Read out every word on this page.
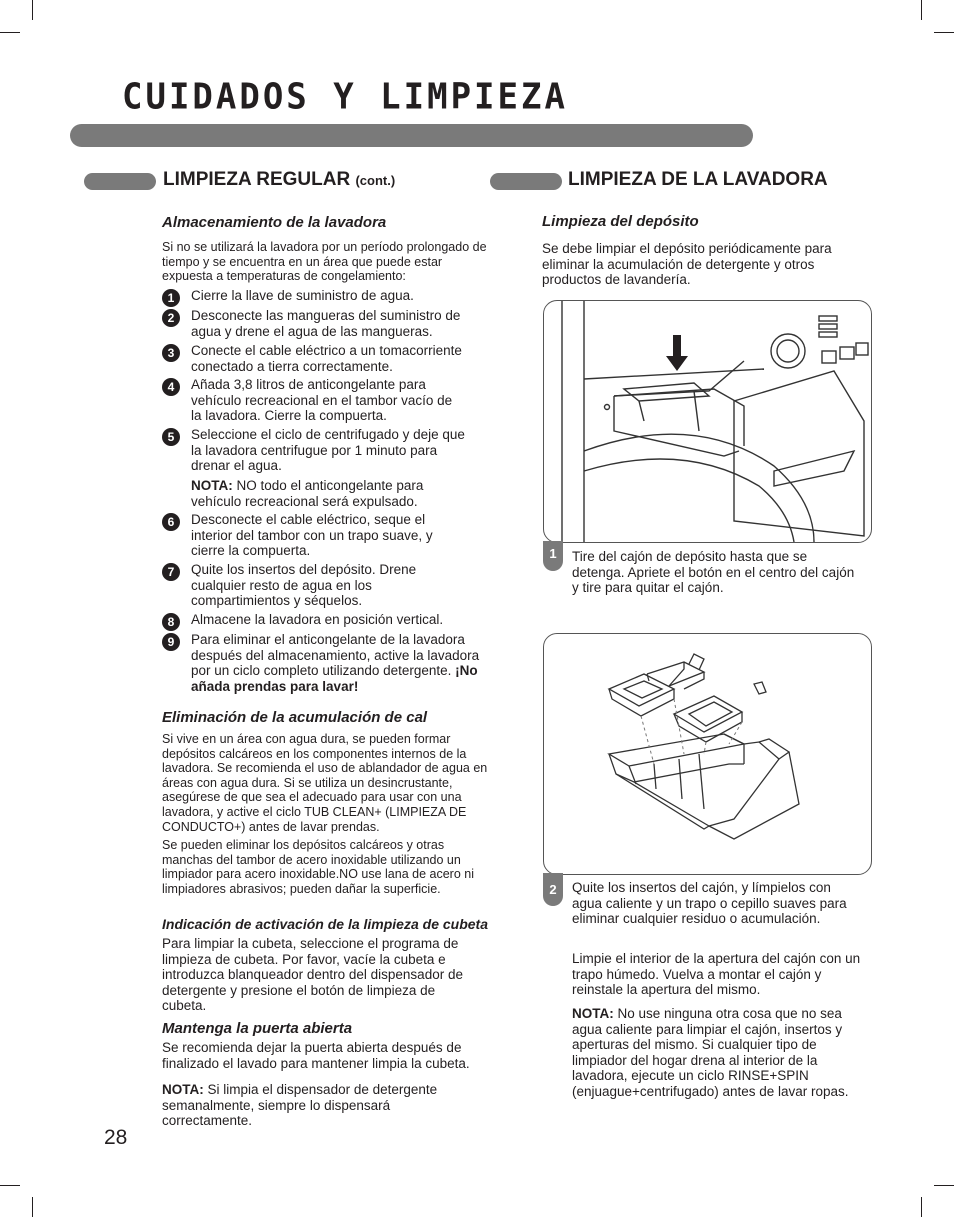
CUIDADOS Y LIMPIEZA
LIMPIEZA REGULAR (cont.)
Almacenamiento de la lavadora

Si no se utilizará la lavadora por un período prolongado de tiempo y se encuentra en un área que puede estar expuesta a temperaturas de congelamiento:

1	Cierre la llave de suministro de agua.

2	Desconecte las mangueras del suministro de agua y drene el agua de las mangueras.

3	Conecte el cable eléctrico a un tomacorriente conectado a tierra correctamente.

4	Añada 3,8 litros de anticongelante para vehículo recreacional en el tambor vacío de la lavadora. Cierre la compuerta.

5	Seleccione el ciclo de centrifugado y deje que la lavadora centrifugue por 1 minuto para drenar el agua.

NOTA: NO todo el anticongelante para vehículo recreacional será expulsado.

6	Desconecte el cable eléctrico, seque el interior del tambor con un trapo suave, y cierre la compuerta.

7	Quite los insertos del depósito. Drene cualquier resto de agua en los compartimientos y séquelos.

8	Almacene la lavadora en posición vertical.

9	Para eliminar el anticongelante de la lavadora después del almacenamiento, active la lavadora por un ciclo completo utilizando detergente. ¡No añada prendas para lavar!

Eliminación de la acumulación de cal

Si vive en un área con agua dura, se pueden formar depósitos calcáreos en los componentes internos de la lavadora. Se recomienda el uso de ablandador de agua en áreas con agua dura. Si se utiliza un desincrustante, asegúrese de que sea el adecuado para usar con una lavadora, y active el ciclo TUB CLEAN+ (LIMPIEZA DE CONDUCTO+) antes de lavar prendas.

Se pueden eliminar los depósitos calcáreos y otras manchas del tambor de acero inoxidable utilizando un limpiador para acero inoxidable.NO use lana de acero ni limpiadores abrasivos; pueden dañar la superficie.

Indicación de activación de la limpieza de cubeta

Para limpiar la cubeta, seleccione el programa de limpieza de cubeta. Por favor, vacíe la cubeta e introduzca blanqueador dentro del dispensador de detergente y presione el botón de limpieza de cubeta.

Mantenga la puerta abierta

Se recomienda dejar la puerta abierta después de finalizado el lavado para mantener limpia la cubeta.

NOTA: Si limpia el dispensador de detergente semanalmente, siempre lo dispensará correctamente.

28

LIMPIEZA DE LA LAVADORA
Limpieza del depósito

Se debe limpiar el depósito periódicamente para eliminar la acumulación de detergente y otros productos de lavandería.

1	Tire del cajón de depósito hasta que se detenga. Apriete el botón en el centro del cajón y tire para quitar el cajón.

2	Quite los insertos del cajón, y límpielos con agua caliente y un trapo o cepillo suaves para eliminar cualquier residuo o acumulación.

Limpie el interior de la apertura del cajón con un trapo húmedo. Vuelva a montar el cajón y reinstale la apertura del mismo.

NOTA: No use ninguna otra cosa que no sea agua caliente para limpiar el cajón, insertos y aperturas del mismo. Si cualquier tipo de limpiador del hogar drena al interior de la lavadora, ejecute un ciclo RINSE+SPIN (enjuague+centrifugado) antes de lavar ropas.
